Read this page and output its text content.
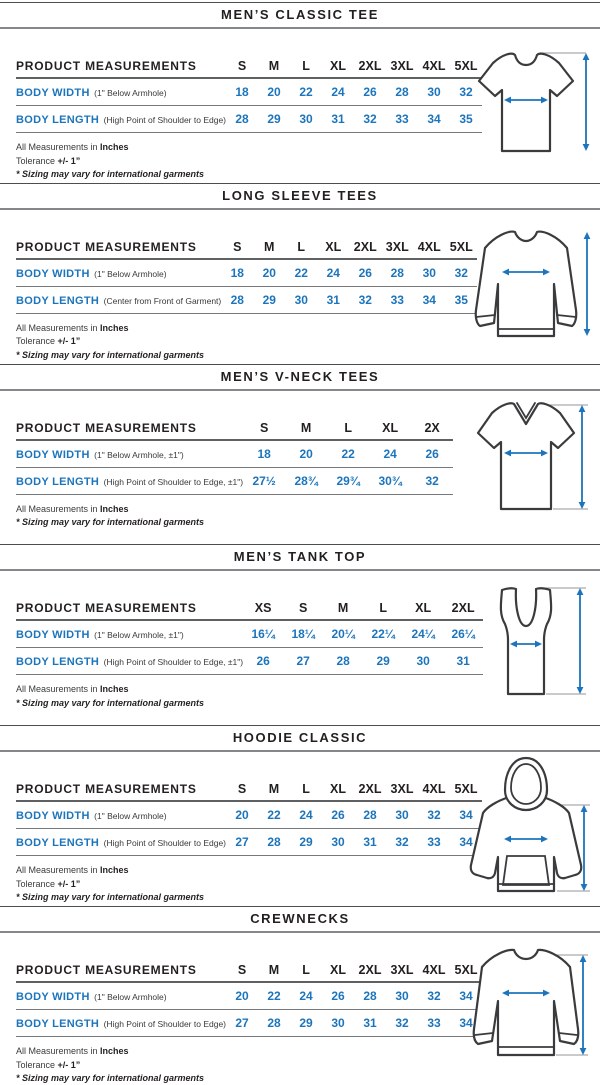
MEN’S CLASSIC TEE
PRODUCT MEASUREMENTS	S	M	L	XL	2XL	3XL	4XL	5XL
BODY WIDTH (1" Below Armhole)	18	20	22	24	26	28	30	32
BODY LENGTH (High Point of Shoulder to Edge)	28	29	30	31	32	33	34	35

All Measurements in Inches

Tolerance +/- 1”

* Sizing may vary for international garments

LONG SLEEVE TEES
PRODUCT MEASUREMENTS	S	M	L	XL	2XL	3XL	4XL	5XL
BODY WIDTH (1" Below Armhole)	18	20	22	24	26	28	30	32
BODY LENGTH (Center from Front of Garment)	28	29	30	31	32	33	34	35

All Measurements in Inches

Tolerance +/- 1”

* Sizing may vary for international garments

MEN’S V-NECK TEES
PRODUCT MEASUREMENTS	S	M	L	XL	2X
BODY WIDTH (1" Below Armhole, ±1")	18	20	22	24	26
BODY LENGTH (High Point of Shoulder to Edge, ±1")	27½	28¾	29¾	30¾	32

All Measurements in Inches

* Sizing may vary for international garments

MEN’S TANK TOP
PRODUCT MEASUREMENTS	XS	S	M	L	XL	2XL
BODY WIDTH (1" Below Armhole, ±1")	16¼	18¼	20¼	22¼	24¼	26¼
BODY LENGTH (High Point of Shoulder to Edge, ±1")	26	27	28	29	30	31

All Measurements in Inches

* Sizing may vary for international garments

HOODIE CLASSIC
PRODUCT MEASUREMENTS	S	M	L	XL	2XL	3XL	4XL	5XL
BODY WIDTH (1" Below Armhole)	20	22	24	26	28	30	32	34
BODY LENGTH (High Point of Shoulder to Edge)	27	28	29	30	31	32	33	34

All Measurements in Inches

Tolerance +/- 1”

* Sizing may vary for international garments

CREWNECKS
PRODUCT MEASUREMENTS	S	M	L	XL	2XL	3XL	4XL	5XL
BODY WIDTH (1" Below Armhole)	20	22	24	26	28	30	32	34
BODY LENGTH (High Point of Shoulder to Edge)	27	28	29	30	31	32	33	34

All Measurements in Inches

Tolerance +/- 1”

* Sizing may vary for international garments
